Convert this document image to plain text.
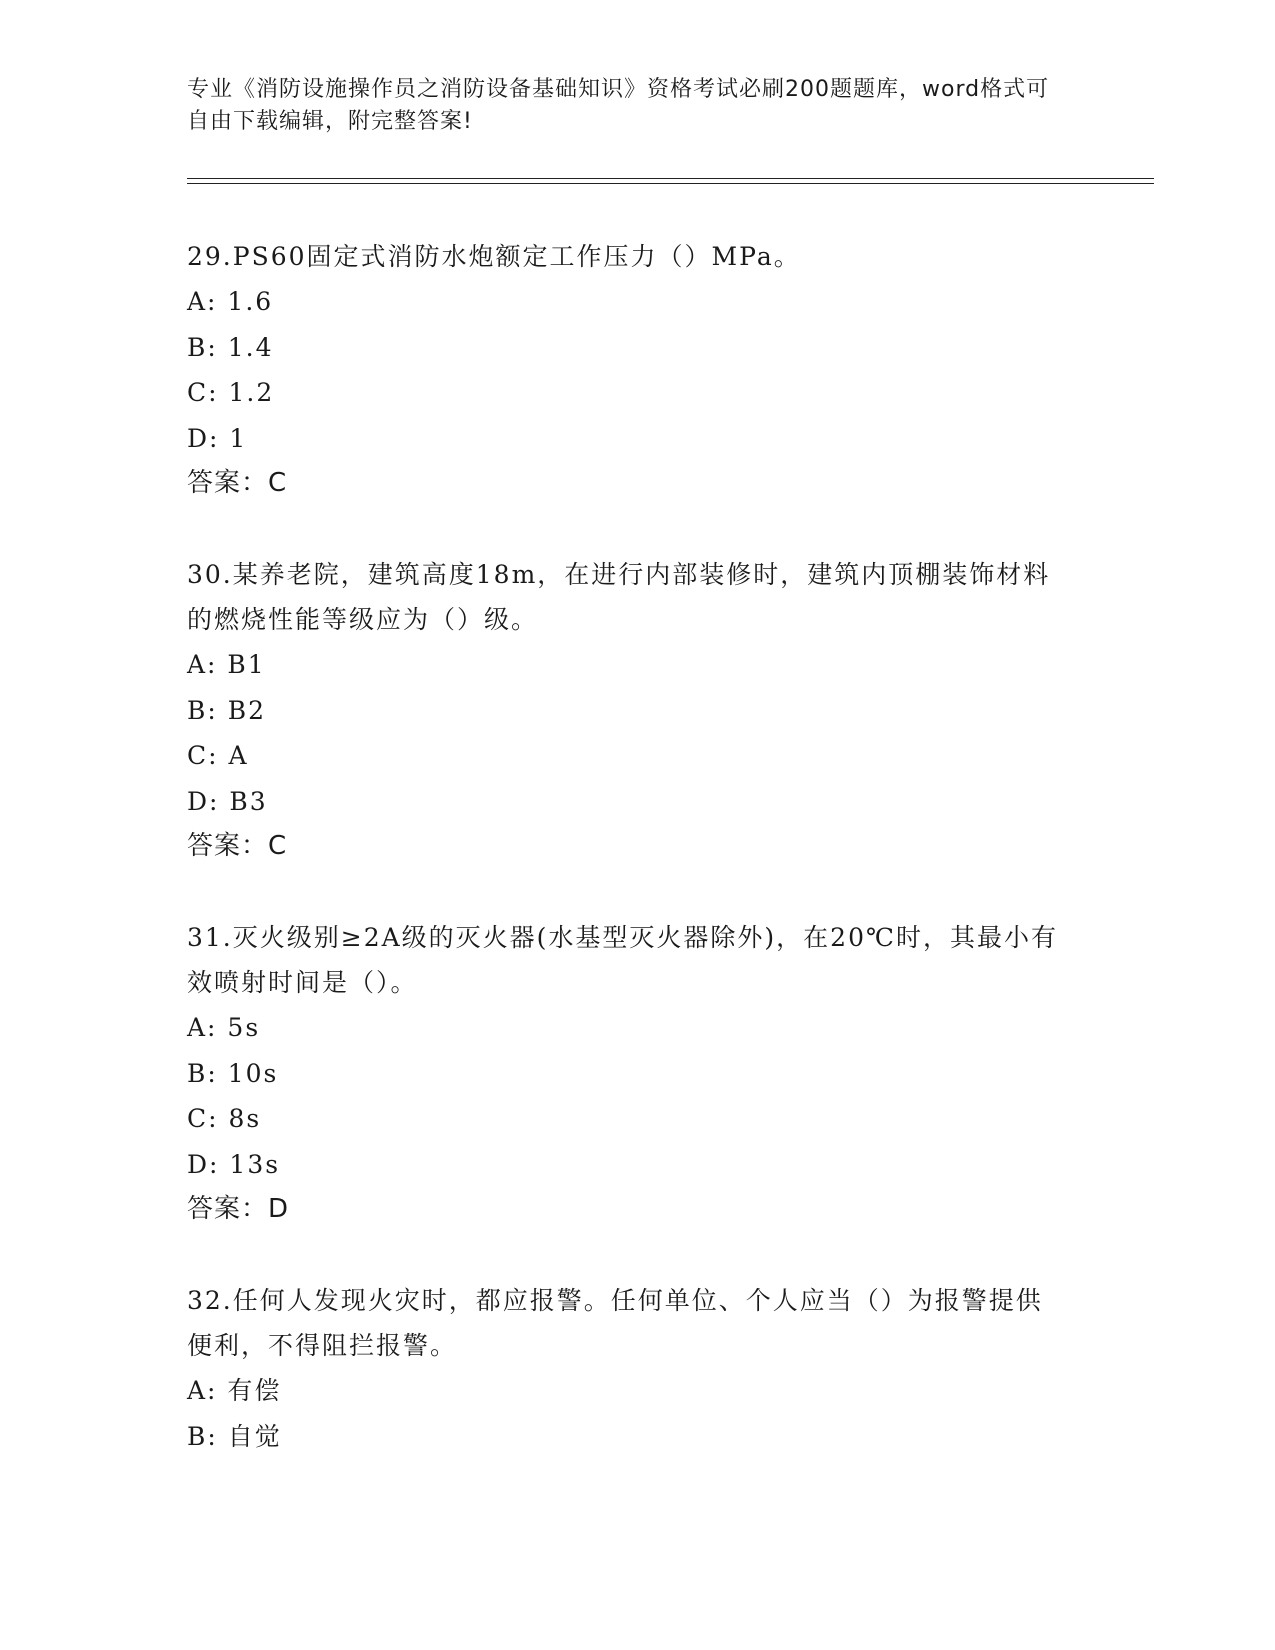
专业《消防设施操作员之消防设备基础知识》资格考试必刷200题题库，word格式可自由下载编辑，附完整答案!

29.PS60固定式消防水炮额定工作压力（）MPa。

A: 1.6

B: 1.4

C: 1.2

D: 1

答案：C

30.某养老院，建筑高度18m，在进行内部装修时，建筑内顶棚装饰材料的燃烧性能等级应为（）级。

A: B1

B: B2

C: A

D: B3

答案：C

31.灭火级别≥2A级的灭火器(水基型灭火器除外)，在20℃时，其最小有效喷射时间是（）。

A: 5s

B: 10s

C: 8s

D: 13s

答案：D

32.任何人发现火灾时，都应报警。任何单位、个人应当（）为报警提供便利，不得阻拦报警。

A: 有偿

B: 自觉
